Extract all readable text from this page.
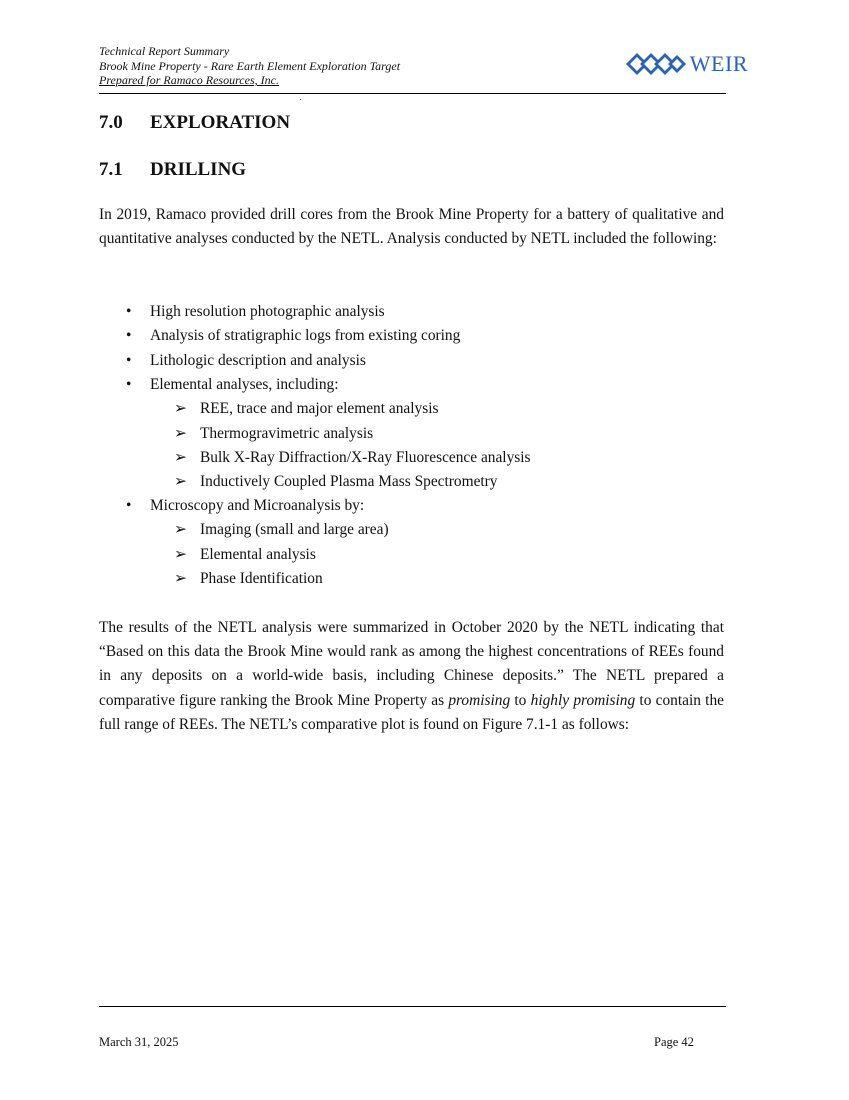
Technical Report Summary
Brook Mine Property - Rare Earth Element Exploration Target
Prepared for Ramaco Resources, Inc.
WEIR
7.0 EXPLORATION
7.1 DRILLING

In 2019, Ramaco provided drill cores from the Brook Mine Property for a battery of qualitative and quantitative analyses conducted by the NETL. Analysis conducted by NETL included the following:

• High resolution photographic analysis
• Analysis of stratigraphic logs from existing coring
• Lithologic description and analysis
• Elemental analyses, including:
➢ REE, trace and major element analysis
➢ Thermogravimetric analysis
➢ Bulk X-Ray Diffraction/X-Ray Fluorescence analysis
➢ Inductively Coupled Plasma Mass Spectrometry
• Microscopy and Microanalysis by:
➢ Imaging (small and large area)
➢ Elemental analysis
➢ Phase Identification

The results of the NETL analysis were summarized in October 2020 by the NETL indicating that “Based on this data the Brook Mine would rank as among the highest concentrations of REEs found in any deposits on a world-wide basis, including Chinese deposits.” The NETL prepared a comparative figure ranking the Brook Mine Property as promising to highly promising to contain the full range of REEs. The NETL’s comparative plot is found on Figure 7.1-1 as follows:

March 31, 2025	Page 42
